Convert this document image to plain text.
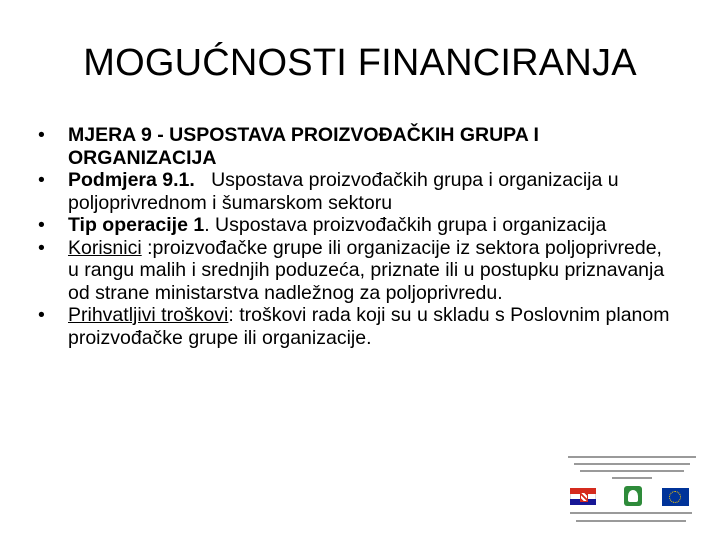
MOGUĆNOSTI FINANCIRANJA
• MJERA 9 - USPOSTAVA PROIZVOĐAČKIH GRUPA I ORGANIZACIJA
• Podmjera 9.1.   Uspostava proizvođačkih grupa i organizacija u poljoprivrednom i šumarskom sektoru
• Tip operacije 1. Uspostava proizvođačkih grupa i organizacija
• Korisnici :proizvođačke grupe ili organizacije iz sektora poljoprivrede, u rangu malih i srednjih poduzeća, priznate ili u postupku priznavanja od strane ministarstva nadležnog za poljoprivredu.
• Prihvatljivi troškovi: troškovi rada koji su u skladu s Poslovnim planom proizvođačke grupe ili organizacije.
